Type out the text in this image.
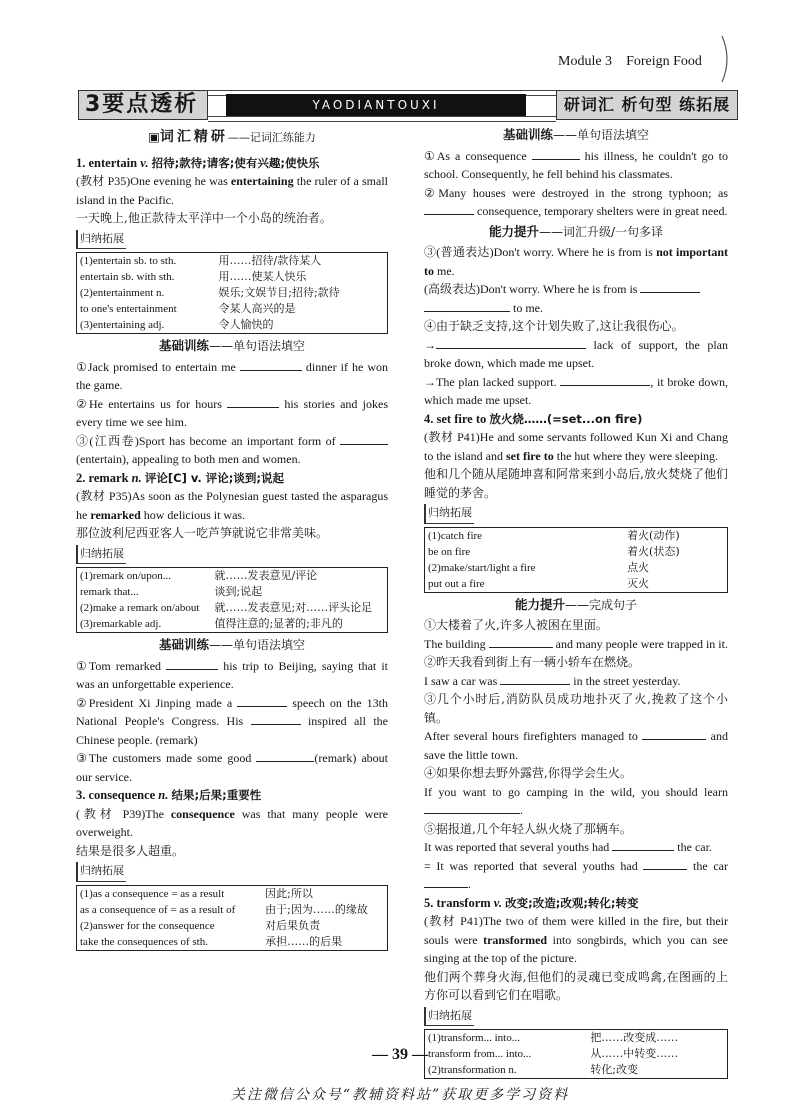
Module 3 Foreign Food
3要点透析	YAODIANTOUXI	研词汇 析句型 练拓展
▣词汇精研——记词汇练能力

1. entertain v. 招待;款待;请客;使有兴趣;使快乐

(教材 P35)One evening he was entertaining the ruler of a small island in the Pacific.

一天晚上,他正款待太平洋中一个小岛的统治者。

归纳拓展
(1)entertain sb. to sth.	用……招待/款待某人
entertain sb. with sth.	用……使某人快乐
(2)entertainment n.	娱乐;文娱节目;招待;款待
to one's entertainment	令某人高兴的是
(3)entertaining adj.	令人愉快的
基础训练——单句语法填空

①Jack promised to entertain me	dinner if he won the game.

②He entertains us for hours	his stories and jokes every time we see him.

③(江西卷)Sport has become an important form of (entertain), appealing to both men and women.

2. remark n. 评论[C] v. 评论;谈到;说起

(教材 P35)As soon as the Polynesian guest tasted the asparagus he remarked how delicious it was.

那位波利尼西亚客人一吃芦笋就说它非常美味。

归纳拓展
(1)remark on/upon...	就……发表意见/评论
remark that...	谈到;说起
(2)make a remark on/about	就……发表意见;对……评头论足
(3)remarkable adj.	值得注意的;显著的;非凡的
基础训练——单句语法填空

①Tom remarked	his trip to Beijing, saying that it was an unforgettable experience.

②President Xi Jinping made a	speech on the 13th National People's Congress. His	inspired all the Chinese people. (remark)

③The customers made some good	(remark) about our service.

3. consequence n. 结果;后果;重要性

(教材 P39)The consequence was that many people were overweight.

结果是很多人超重。

归纳拓展
(1)as a consequence = as a result	因此;所以
as a consequence of = as a result of	由于;因为……的缘故
(2)answer for the consequence	对后果负责
take the consequences of sth.	承担……的后果
基础训练——单句语法填空

①As a consequence	his illness, he couldn't go to school. Consequently, he fell behind his classmates.

②Many houses were destroyed in the strong typhoon; as  consequence, temporary shelters were in great need.

能力提升——词汇升级/一句多译

③(普通表达)Don't worry. Where he is from is not important to me.

(高级表达)Don't worry. Where he is from is
to me.

④由于缺乏支持,这个计划失败了,这让我很伤心。

→	lack of support, the plan broke down, which made me upset.

→The plan lacked support.	, it broke down, which made me upset.

4. set fire to 放火烧……(=set...on fire)

(教材 P41)He and some servants followed Kun Xi and Chang to the island and set fire to the hut where they were sleeping.

他和几个随从尾随坤喜和阿常来到小岛后,放火焚烧了他们睡觉的茅舍。

归纳拓展
(1)catch fire	着火(动作)
be on fire	着火(状态)
(2)make/start/light a fire	点火
put out a fire	灭火
能力提升——完成句子

①大楼着了火,许多人被困在里面。

The building	and many people were trapped in it.

②昨天我看到街上有一辆小轿车在燃烧。

I saw a car was	in the street yesterday.

③几个小时后,消防队员成功地扑灭了火,挽救了这个小镇。

After several hours firefighters managed to	and save the little town.

④如果你想去野外露营,你得学会生火。

If you want to go camping in the wild, you should learn .

⑤据报道,几个年轻人纵火烧了那辆车。

It was reported that several youths had	the car.

= It was reported that several youths had	the car .

5. transform v. 改变;改造;改观;转化;转变

(教材 P41)The two of them were killed in the fire, but their souls were transformed into songbirds, which you can see singing at the top of the picture.

他们两个葬身火海,但他们的灵魂已变成鸣禽,在图画的上方你可以看到它们在唱歌。

归纳拓展
(1)transform... into...	把……改变成……
transform from... into...	从……中转变……
(2)transformation n.	转化;改变
— 39 —
关注微信公众号“教辅资料站”获取更多学习资料
